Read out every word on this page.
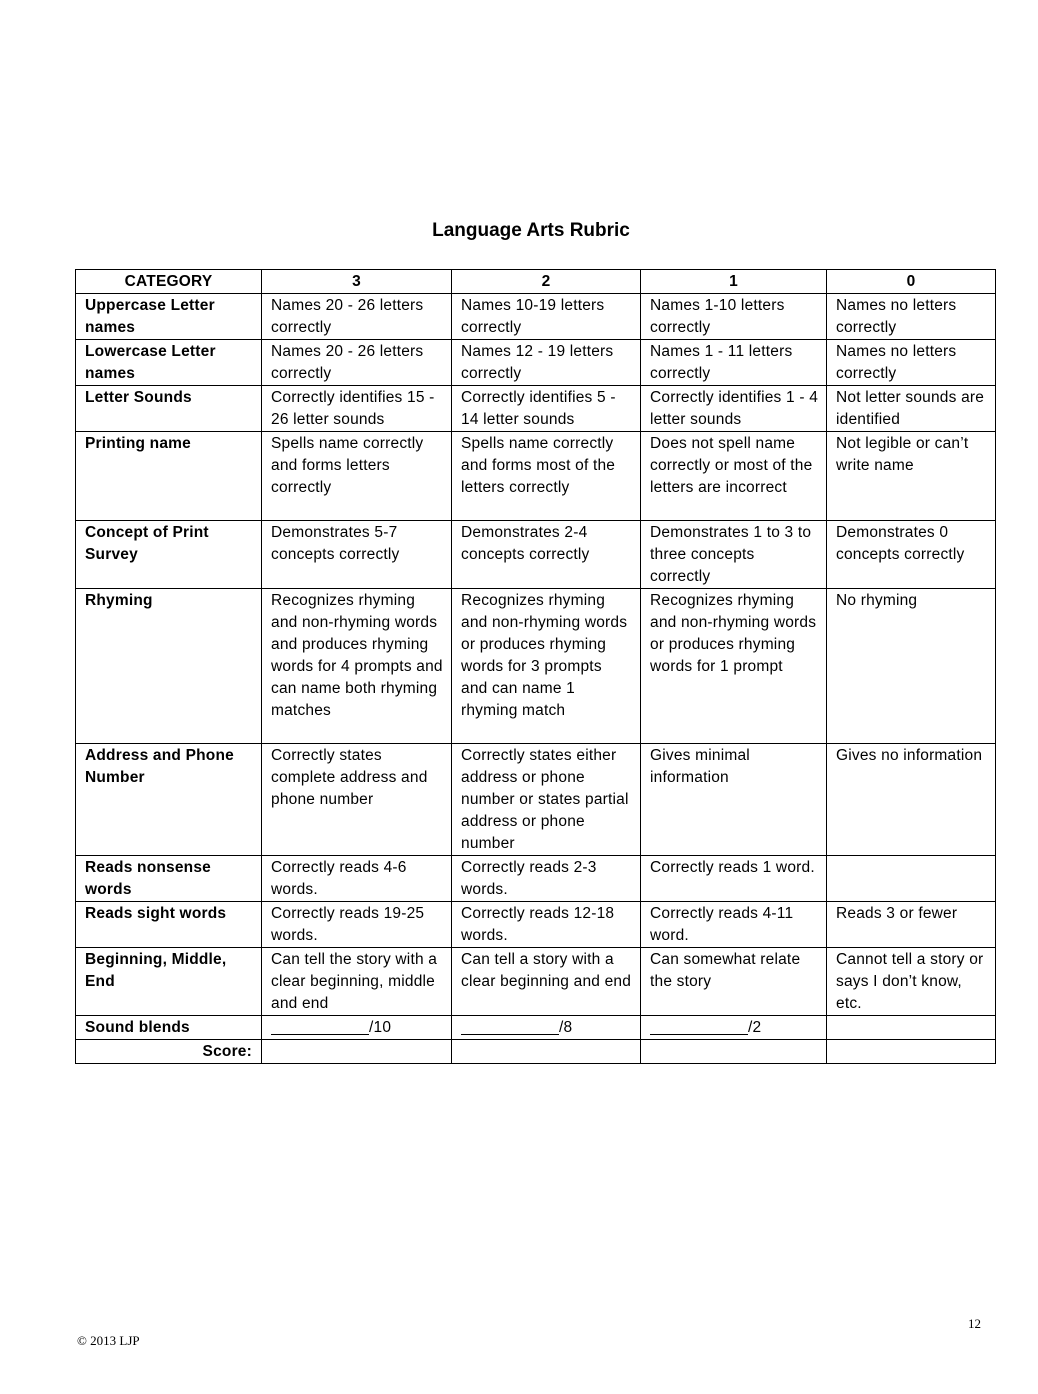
Language Arts Rubric
CATEGORY	3	2	1	0
Uppercase Letter names	Names 20 - 26 letters correctly	Names 10-19 letters correctly	Names 1-10 letters correctly	Names no letters correctly
Lowercase Letter names	Names 20 - 26 letters correctly	Names 12 - 19 letters correctly	Names 1 - 11 letters correctly	Names no letters correctly
Letter Sounds	Correctly identifies 15 - 26 letter sounds	Correctly identifies 5 - 14 letter sounds	Correctly identifies 1 - 4 letter sounds	Not letter sounds are identified
Printing name	Spells name correctly and forms letters correctly	Spells name correctly and forms most of the letters correctly	Does not spell name correctly or most of the letters are incorrect	Not legible or can’t write name
Concept of Print Survey	Demonstrates 5-7 concepts correctly	Demonstrates 2-4 concepts correctly	Demonstrates 1 to 3 to three concepts correctly	Demonstrates 0 concepts correctly
Rhyming	Recognizes rhyming and non-rhyming words and produces rhyming words for 4 prompts and can name both rhyming matches	Recognizes rhyming and non-rhyming words or produces rhyming words for 3 prompts and can name 1 rhyming match	Recognizes rhyming and non-rhyming words or produces rhyming words for 1 prompt	No rhyming
Address and Phone Number	Correctly states complete address and phone number	Correctly states either address or phone number or states partial address or phone number	Gives minimal information	Gives no information
Reads nonsense words	Correctly reads 4-6 words.	Correctly reads 2-3 words.	Correctly reads 1 word.	
Reads sight words	Correctly reads 19-25 words.	Correctly reads 12-18 words.	Correctly reads 4-11 word.	Reads 3 or fewer
Beginning, Middle, End	Can tell the story with a clear beginning, middle and end	Can tell a story with a clear beginning and end	Can somewhat relate the story	Cannot tell a story or says I don’t know, etc.
Sound blends	/10	/8	/2	
Score:				
12
© 2013 LJP
